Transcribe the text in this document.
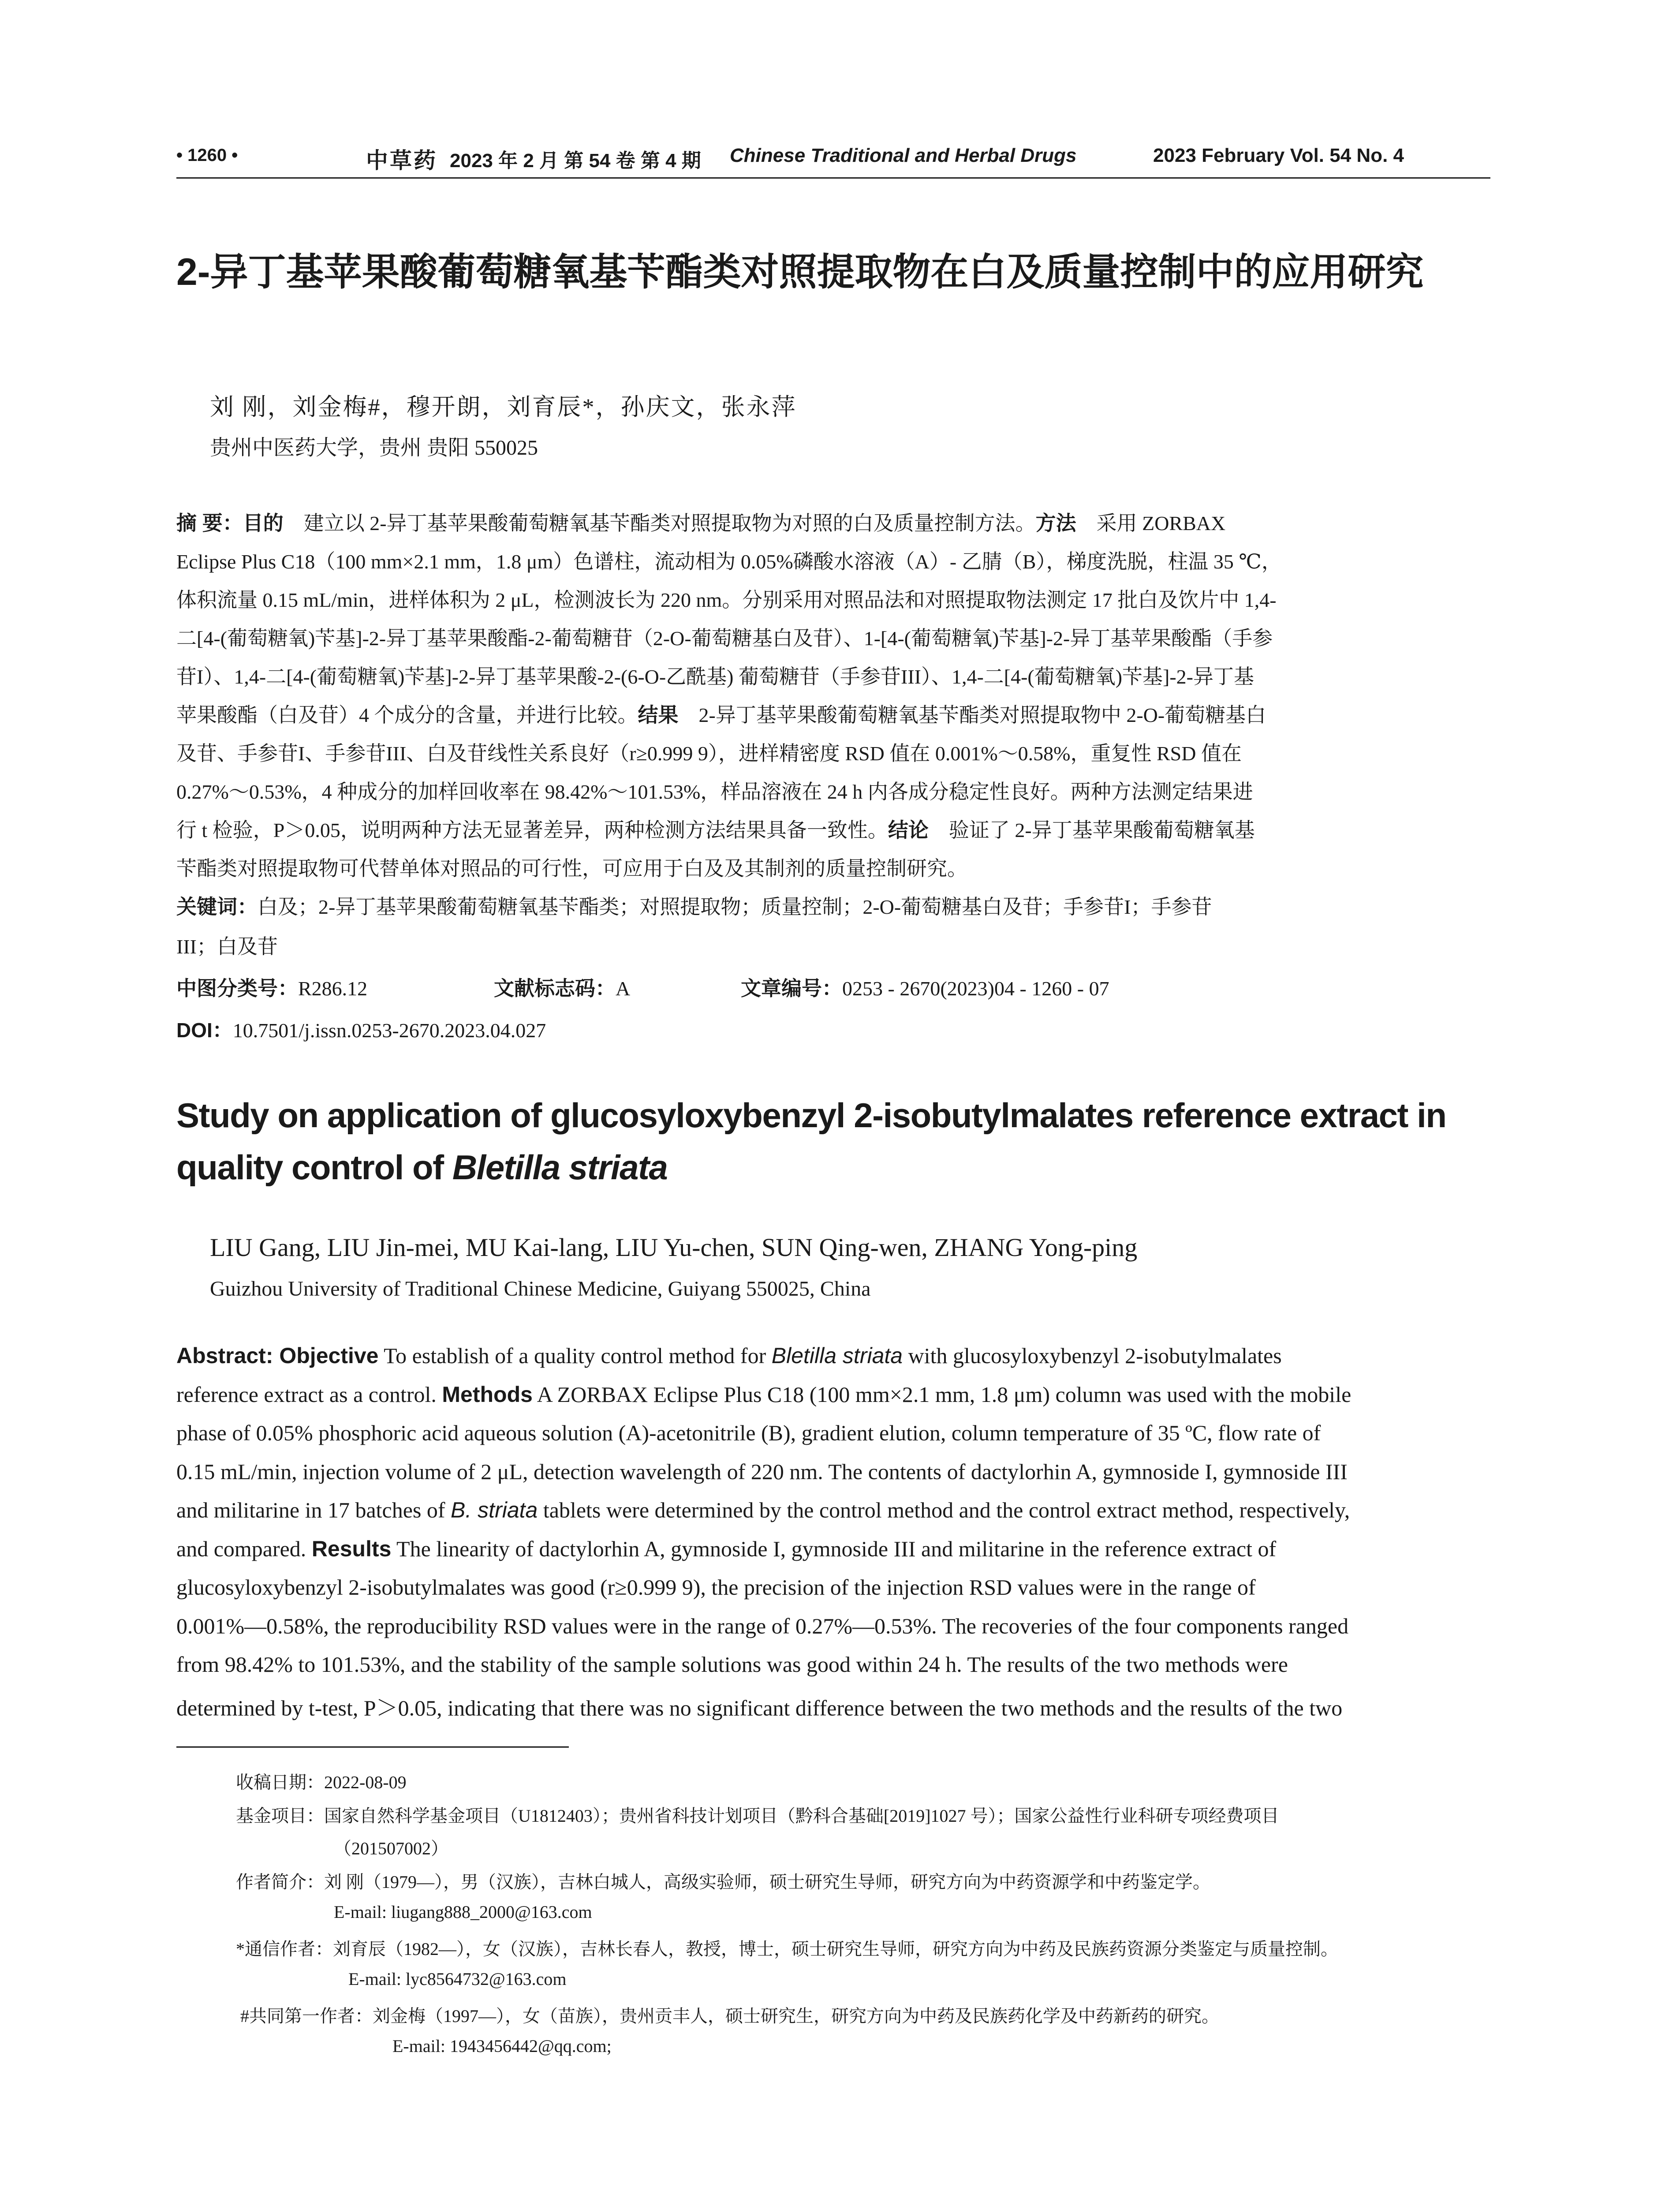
• 1260 •	中草药 2023 年 2 月 第 54 卷 第 4 期 Chinese Traditional and Herbal Drugs	2023 February Vol. 54 No. 4
2-异丁基苹果酸葡萄糖氧基苄酯类对照提取物在白及质量控制中的应用研究
刘 刚，刘金梅#，穆开朗，刘育辰*，孙庆文，张永萍
贵州中医药大学，贵州 贵阳 550025
摘 要：目的　建立以 2-异丁基苹果酸葡萄糖氧基苄酯类对照提取物为对照的白及质量控制方法。方法　采用 ZORBAX
Eclipse Plus C18（100 mm×2.1 mm，1.8 μm）色谱柱，流动相为 0.05%磷酸水溶液（A）- 乙腈（B），梯度洗脱，柱温 35 ℃，
体积流量 0.15 mL/min，进样体积为 2 μL，检测波长为 220 nm。分别采用对照品法和对照提取物法测定 17 批白及饮片中 1,4-
二[4-(葡萄糖氧)苄基]-2-异丁基苹果酸酯-2-葡萄糖苷（2-O-葡萄糖基白及苷）、1-[4-(葡萄糖氧)苄基]-2-异丁基苹果酸酯（手参
苷I）、1,4-二[4-(葡萄糖氧)苄基]-2-异丁基苹果酸-2-(6-O-乙酰基) 葡萄糖苷（手参苷III）、1,4-二[4-(葡萄糖氧)苄基]-2-异丁基
苹果酸酯（白及苷）4 个成分的含量，并进行比较。结果　2-异丁基苹果酸葡萄糖氧基苄酯类对照提取物中 2-O-葡萄糖基白
及苷、手参苷I、手参苷III、白及苷线性关系良好（r≥0.999 9），进样精密度 RSD 值在 0.001%～0.58%，重复性 RSD 值在
0.27%～0.53%，4 种成分的加样回收率在 98.42%～101.53%，样品溶液在 24 h 内各成分稳定性良好。两种方法测定结果进
行 t 检验，P＞0.05，说明两种方法无显著差异，两种检测方法结果具备一致性。结论　验证了 2-异丁基苹果酸葡萄糖氧基
苄酯类对照提取物可代替单体对照品的可行性，可应用于白及及其制剂的质量控制研究。
关键词：白及；2-异丁基苹果酸葡萄糖氧基苄酯类；对照提取物；质量控制；2-O-葡萄糖基白及苷；手参苷I；手参苷
III；白及苷
中图分类号：R286.12	文献标志码：A	文章编号：0253 - 2670(2023)04 - 1260 - 07
DOI：10.7501/j.issn.0253-2670.2023.04.027
Study on application of glucosyloxybenzyl 2-isobutylmalates reference extract in
quality control of Bletilla striata
LIU Gang, LIU Jin-mei, MU Kai-lang, LIU Yu-chen, SUN Qing-wen, ZHANG Yong-ping
Guizhou University of Traditional Chinese Medicine, Guiyang 550025, China
Abstract: Objective To establish of a quality control method for Bletilla striata with glucosyloxybenzyl 2-isobutylmalates
reference extract as a control. Methods A ZORBAX Eclipse Plus C18 (100 mm×2.1 mm, 1.8 μm) column was used with the mobile
phase of 0.05% phosphoric acid aqueous solution (A)-acetonitrile (B), gradient elution, column temperature of 35 ºC, flow rate of
0.15 mL/min, injection volume of 2 μL, detection wavelength of 220 nm. The contents of dactylorhin A, gymnoside I, gymnoside III
and militarine in 17 batches of B. striata tablets were determined by the control method and the control extract method, respectively,
and compared. Results The linearity of dactylorhin A, gymnoside I, gymnoside III and militarine in the reference extract of
glucosyloxybenzyl 2-isobutylmalates was good (r≥0.999 9), the precision of the injection RSD values were in the range of
0.001%—0.58%, the reproducibility RSD values were in the range of 0.27%—0.53%. The recoveries of the four components ranged
from 98.42% to 101.53%, and the stability of the sample solutions was good within 24 h. The results of the two methods were
determined by t-test, P＞0.05, indicating that there was no significant difference between the two methods and the results of the two
收稿日期：2022-08-09
基金项目：国家自然科学基金项目（U1812403）；贵州省科技计划项目（黔科合基础[2019]1027 号）；国家公益性行业科研专项经费项目
（201507002）
作者简介：刘 刚（1979—），男（汉族），吉林白城人，高级实验师，硕士研究生导师，研究方向为中药资源学和中药鉴定学。
E-mail: liugang888_2000@163.com
*通信作者：刘育辰（1982—），女（汉族），吉林长春人，教授，博士，硕士研究生导师，研究方向为中药及民族药资源分类鉴定与质量控制。
E-mail: lyc8564732@163.com
#共同第一作者：刘金梅（1997—），女（苗族），贵州贡丰人，硕士研究生，研究方向为中药及民族药化学及中药新药的研究。
E-mail: 1943456442@qq.com;
